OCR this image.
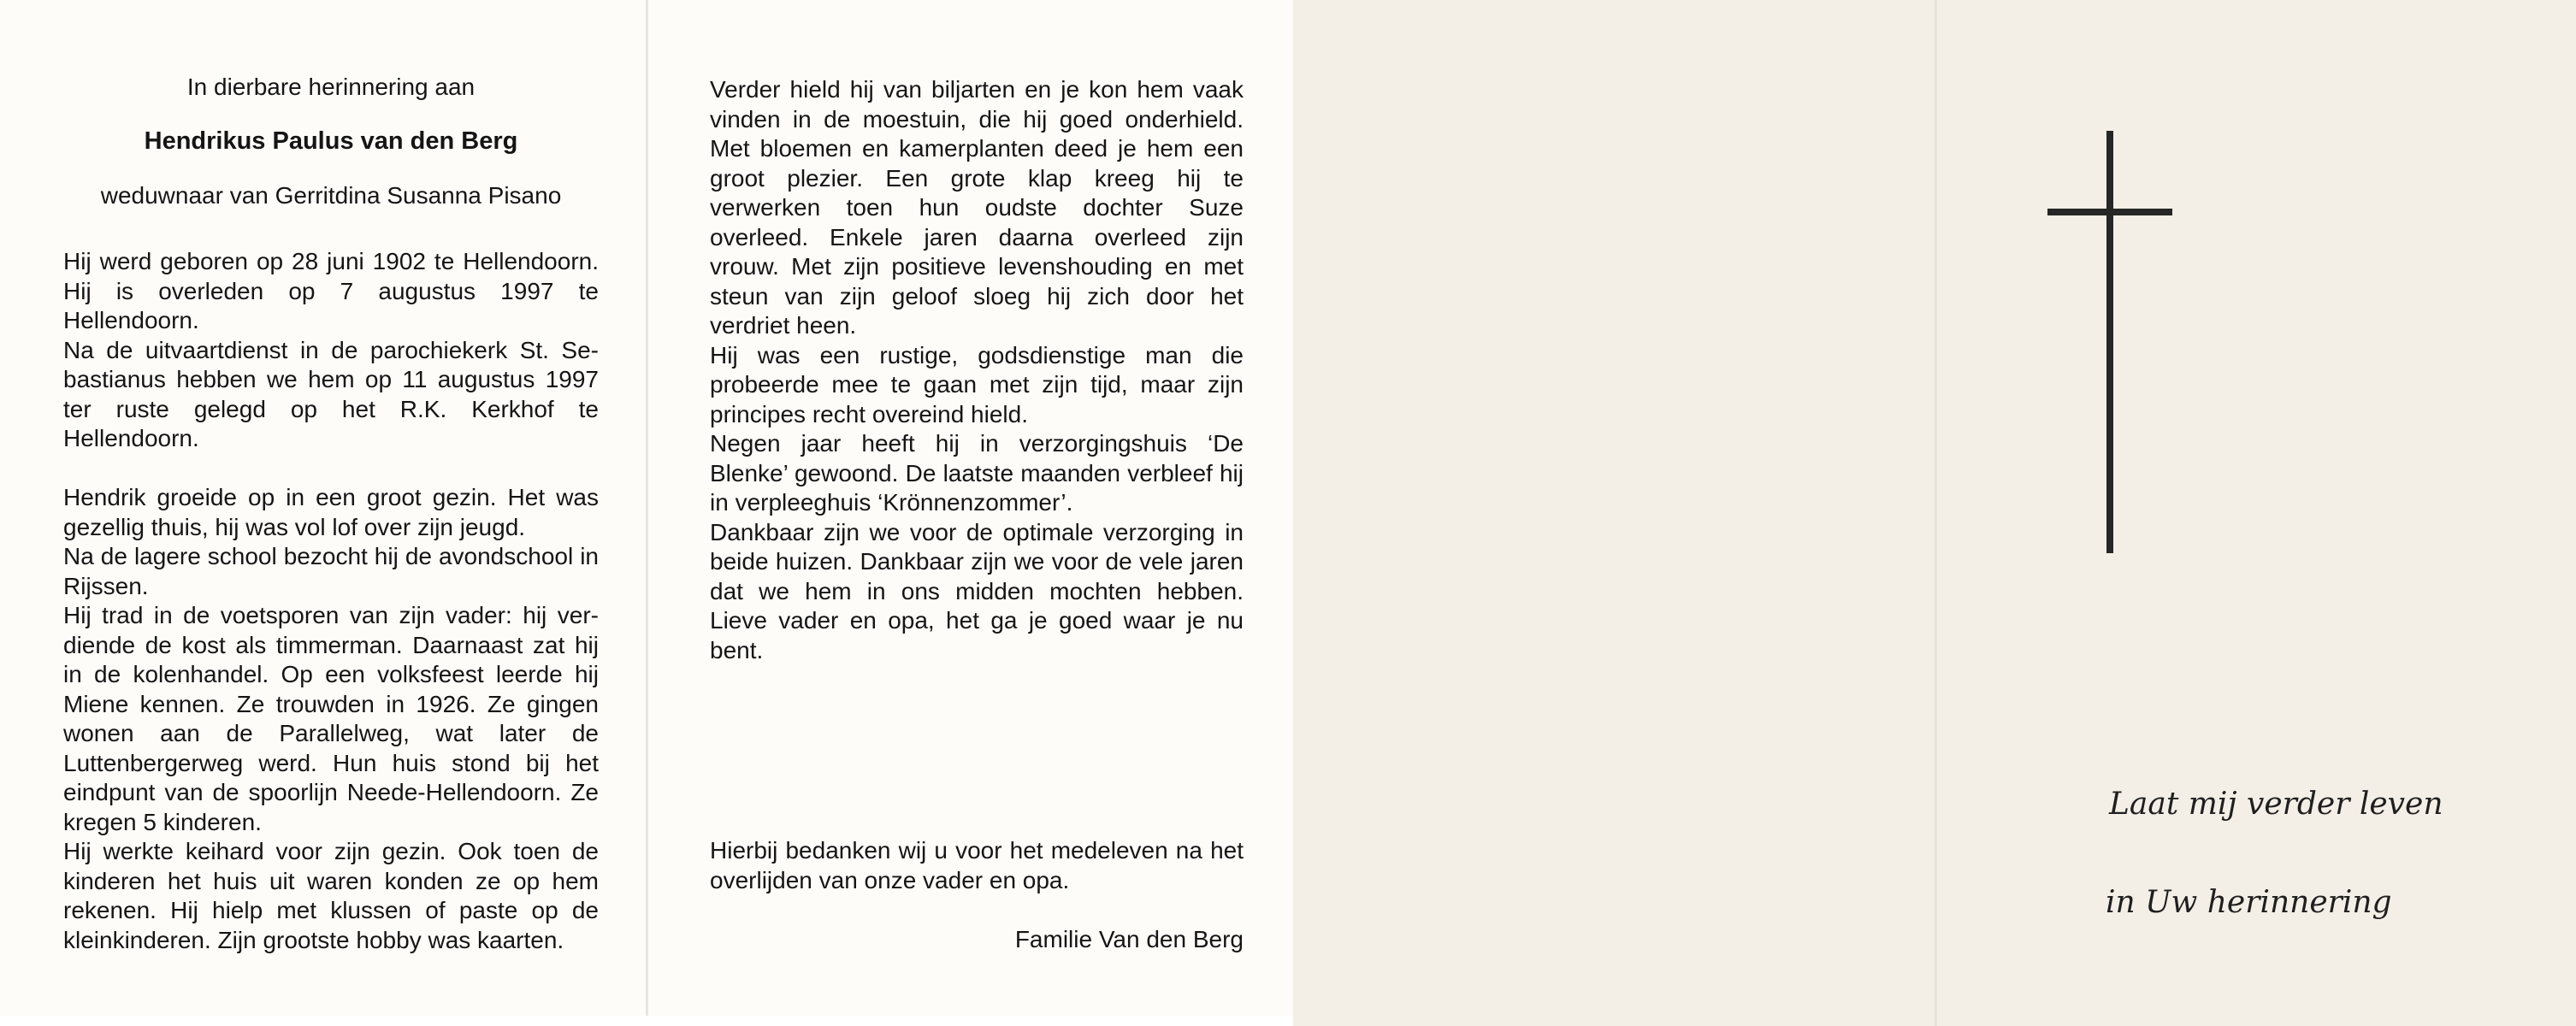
In dierbare herinnering aan
Hendrikus Paulus van den Berg
weduwnaar van Gerritdina Susanna Pisano

Hij werd geboren op 28 juni 1902 te Hellendoorn. Hij is overleden op 7 augustus 1997 te Hellendoorn.

Na de uitvaartdienst in de parochiekerk St. Sebastianus hebben we hem op 11 augustus 1997 ter ruste gelegd op het R.K. Kerkhof te Hellendoorn.

Hendrik groeide op in een groot gezin. Het was gezellig thuis, hij was vol lof over zijn jeugd.

Na de lagere school bezocht hij de avondschool in Rijssen.

Hij trad in de voetsporen van zijn vader: hij verdiende de kost als timmerman. Daarnaast zat hij in de kolenhandel. Op een volksfeest leerde hij Miene kennen. Ze trouwden in 1926. Ze gingen wonen aan de Parallelweg, wat later de Luttenbergerweg werd. Hun huis stond bij het eindpunt van de spoorlijn Neede-Hellendoorn. Ze kregen 5 kinderen.

Hij werkte keihard voor zijn gezin. Ook toen de kinderen het huis uit waren konden ze op hem rekenen. Hij hielp met klussen of paste op de kleinkinderen. Zijn grootste hobby was kaarten.

Verder hield hij van biljarten en je kon hem vaak vinden in de moestuin, die hij goed onderhield. Met bloemen en kamerplanten deed je hem een groot plezier. Een grote klap kreeg hij te verwerken toen hun oudste dochter Suze overleed. Enkele jaren daarna overleed zijn vrouw. Met zijn positieve levenshouding en met steun van zijn geloof sloeg hij zich door het verdriet heen.

Hij was een rustige, godsdienstige man die probeerde mee te gaan met zijn tijd, maar zijn principes recht overeind hield.

Negen jaar heeft hij in verzorgingshuis ‘De Blenke’ gewoond. De laatste maanden verbleef hij in verpleeghuis ‘Krönnenzommer’.

Dankbaar zijn we voor de optimale verzorging in beide huizen. Dankbaar zijn we voor de vele jaren dat we hem in ons midden mochten hebben. Lieve vader en opa, het ga je goed waar je nu bent.

Hierbij bedanken wij u voor het medeleven na het overlijden van onze vader en opa.
Familie Van den Berg
Laat mij verder leven
in Uw herinnering
